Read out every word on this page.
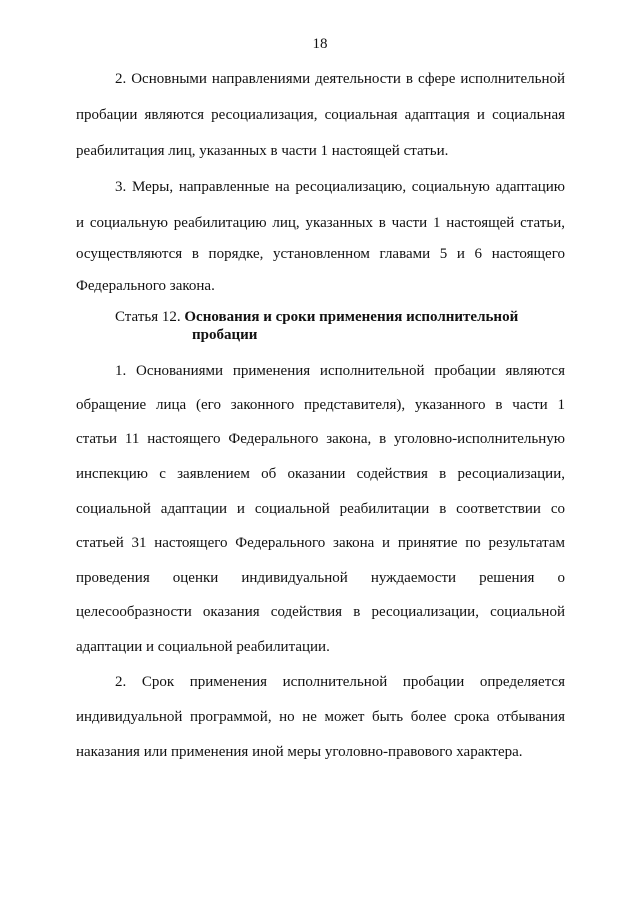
18
2. Основными направлениями деятельности в сфере исполнительной
пробации являются ресоциализация, социальная адаптация и социальная
реабилитация лиц, указанных в части 1 настоящей статьи.
3. Меры, направленные на ресоциализацию, социальную адаптацию
и социальную реабилитацию лиц, указанных в части 1 настоящей статьи,
осуществляются в порядке, установленном главами 5 и 6 настоящего
Федерального закона.
Статья 12. Основания и сроки применения исполнительной
пробации
1. Основаниями применения исполнительной пробации являются
обращение лица (его законного представителя), указанного в части 1
статьи 11 настоящего Федерального закона, в уголовно-исполнительную
инспекцию с заявлением об оказании содействия в ресоциализации,
социальной адаптации и социальной реабилитации в соответствии со
статьей 31 настоящего Федерального закона и принятие по результатам
проведения оценки индивидуальной нуждаемости решения о
целесообразности оказания содействия в ресоциализации, социальной
адаптации и социальной реабилитации.
2. Срок применения исполнительной пробации определяется
индивидуальной программой, но не может быть более срока отбывания
наказания или применения иной меры уголовно-правового характера.
